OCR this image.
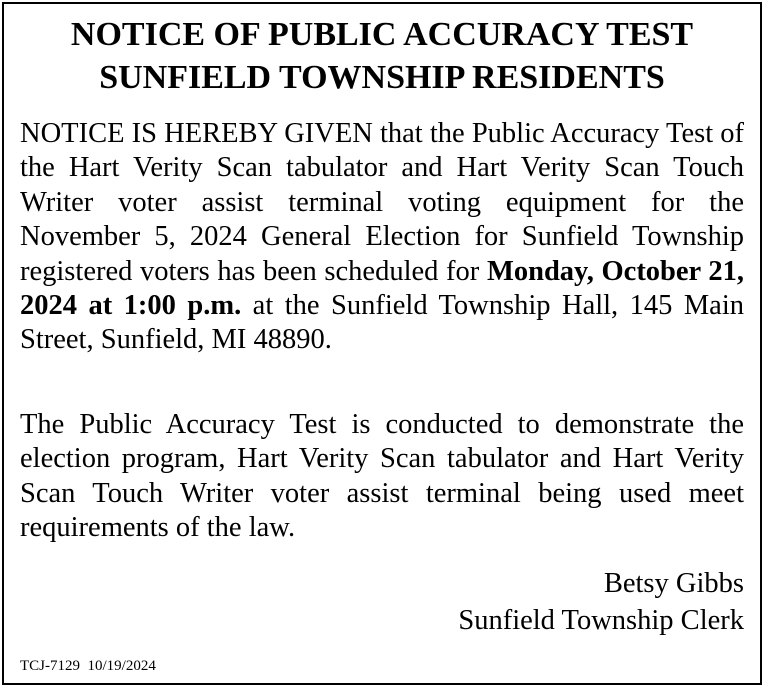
NOTICE OF PUBLIC ACCURACY TEST
SUNFIELD TOWNSHIP RESIDENTS

NOTICE IS HEREBY GIVEN that the Public Accuracy Test of the Hart Verity Scan tabulator and Hart Verity Scan Touch Writer voter assist terminal voting equipment for the November 5, 2024 General Election for Sunfield Township registered voters has been scheduled for Monday, October 21, 2024 at 1:00 p.m. at the Sunfield Township Hall, 145 Main Street, Sunfield, MI 48890.

The Public Accuracy Test is conducted to demonstrate the election program, Hart Verity Scan tabulator and Hart Verity Scan Touch Writer voter assist terminal being used meet requirements of the law.

Betsy Gibbs
Sunfield Township Clerk
TCJ-7129  10/19/2024
